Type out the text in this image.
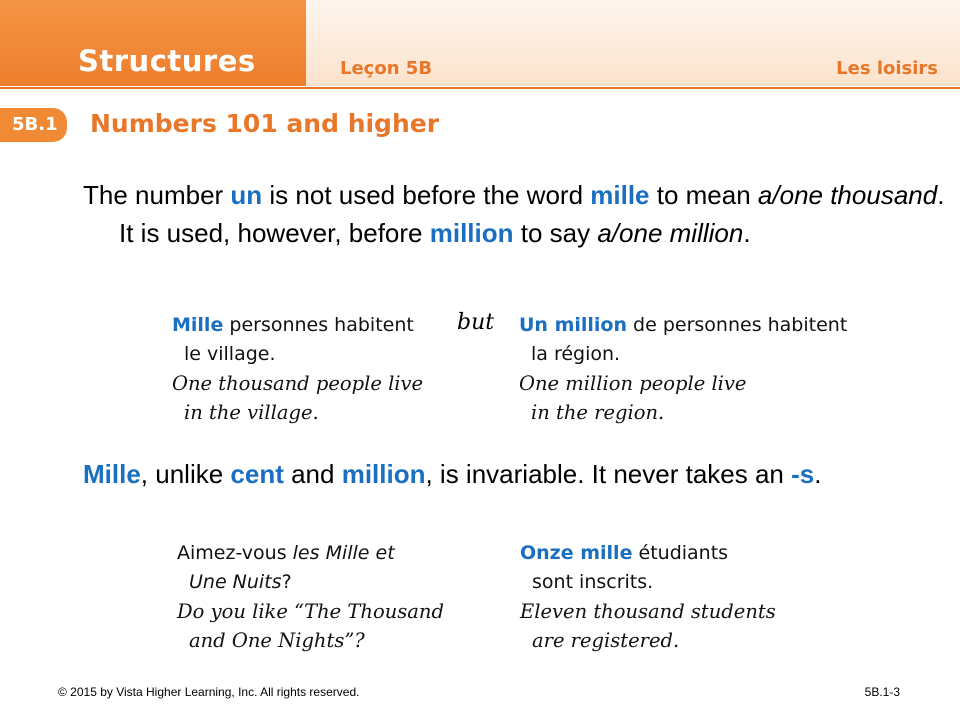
Structures	Leçon 5B	Les loisirs
5B.1 Numbers 101 and higher
The number un is not used before the word mille to mean a/one thousand. It is used, however, before million to say a/one million.
Mille personnes habitent
le village.
One thousand people live
in the village.
but Un million de personnes habitent
la région.
One million people live
in the region.
Mille, unlike cent and million, is invariable. It never takes an -s.
Aimez-vous les Mille et
Une Nuits?
Do you like “The Thousand
and One Nights”?
Onze mille étudiants
sont inscrits.
Eleven thousand students
are registered.
© 2015 by Vista Higher Learning, Inc. All rights reserved.	5B.1-3
